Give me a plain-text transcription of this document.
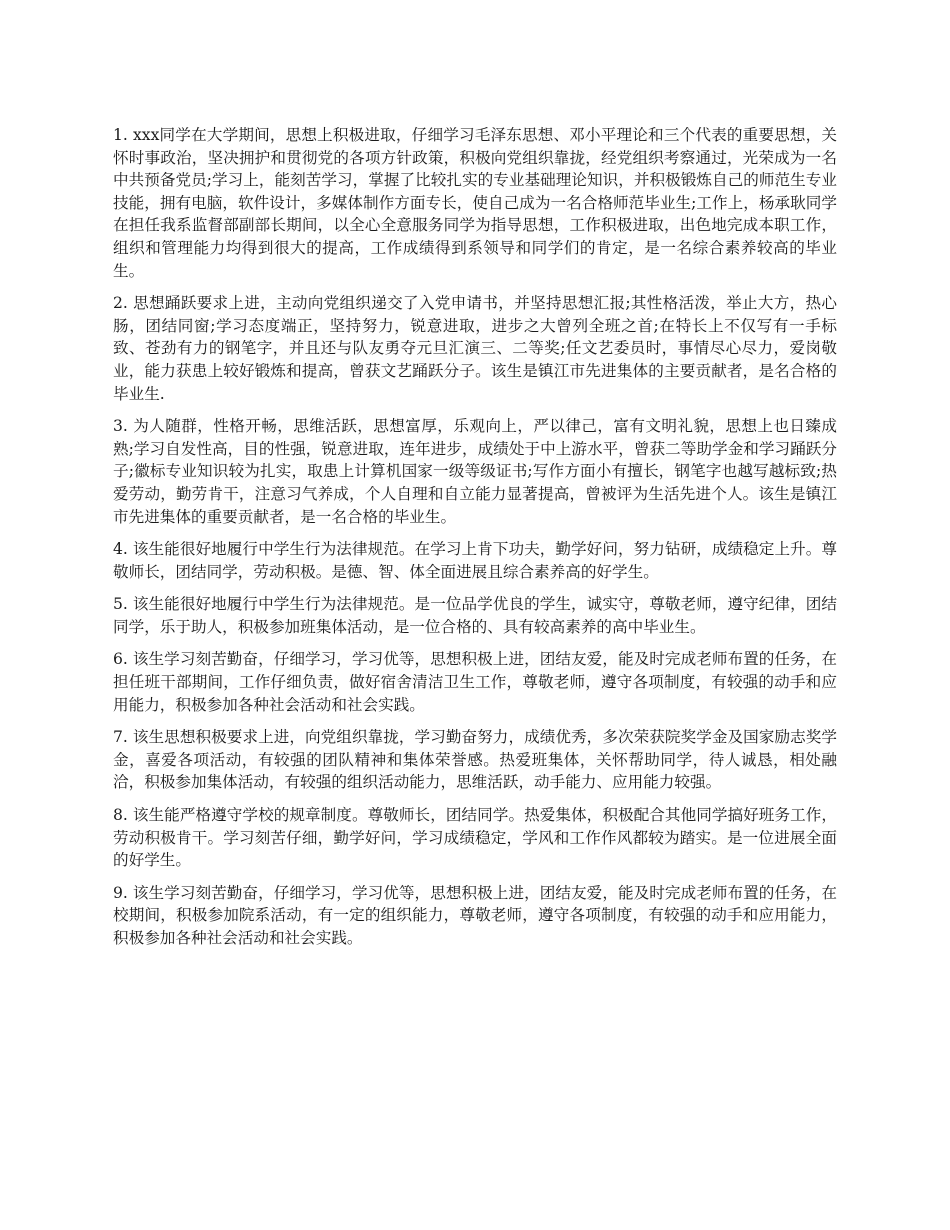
1. xxx同学在大学期间，思想上积极进取，仔细学习毛泽东思想、邓小平理论和三个代表的重要思想，关怀时事政治，坚决拥护和贯彻党的各项方针政策，积极向党组织靠拢，经党组织考察通过，光荣成为一名中共预备党员;学习上，能刻苦学习，掌握了比较扎实的专业基础理论知识，并积极锻炼自己的师范生专业技能，拥有电脑，软件设计，多媒体制作方面专长，使自己成为一名合格师范毕业生;工作上，杨承耿同学在担任我系监督部副部长期间，以全心全意服务同学为指导思想，工作积极进取，出色地完成本职工作，组织和管理能力均得到很大的提高，工作成绩得到系领导和同学们的肯定，是一名综合素养较高的毕业生。

2. 思想踊跃要求上进，主动向党组织递交了入党申请书，并坚持思想汇报;其性格活泼，举止大方，热心肠，团结同窗;学习态度端正，坚持努力，锐意进取，进步之大曾列全班之首;在特长上不仅写有一手标致、苍劲有力的钢笔字，并且还与队友勇夺元旦汇演三、二等奖;任文艺委员时，事情尽心尽力，爱岗敬业，能力获患上较好锻炼和提高，曾获文艺踊跃分子。该生是镇江市先进集体的主要贡献者，是名合格的毕业生.

3. 为人随群，性格开畅，思维活跃，思想富厚，乐观向上，严以律己，富有文明礼貌，思想上也日臻成熟;学习自发性高，目的性强，锐意进取，连年进步，成绩处于中上游水平，曾获二等助学金和学习踊跃分子;徽标专业知识较为扎实，取患上计算机国家一级等级证书;写作方面小有擅长，钢笔字也越写越标致;热爱劳动，勤劳肯干，注意习气养成，个人自理和自立能力显著提高，曾被评为生活先进个人。该生是镇江市先进集体的重要贡献者，是一名合格的毕业生。

4. 该生能很好地履行中学生行为法律规范。在学习上肯下功夫，勤学好问，努力钻研，成绩稳定上升。尊敬师长，团结同学，劳动积极。是德、智、体全面进展且综合素养高的好学生。

5. 该生能很好地履行中学生行为法律规范。是一位品学优良的学生，诚实守，尊敬老师，遵守纪律，团结同学，乐于助人，积极参加班集体活动，是一位合格的、具有较高素养的高中毕业生。

6. 该生学习刻苦勤奋，仔细学习，学习优等，思想积极上进，团结友爱，能及时完成老师布置的任务，在担任班干部期间，工作仔细负责，做好宿舍清洁卫生工作，尊敬老师，遵守各项制度，有较强的动手和应用能力，积极参加各种社会活动和社会实践。

7. 该生思想积极要求上进，向党组织靠拢，学习勤奋努力，成绩优秀，多次荣获院奖学金及国家励志奖学金，喜爱各项活动，有较强的团队精神和集体荣誉感。热爱班集体，关怀帮助同学，待人诚恳，相处融洽，积极参加集体活动，有较强的组织活动能力，思维活跃，动手能力、应用能力较强。

8. 该生能严格遵守学校的规章制度。尊敬师长，团结同学。热爱集体，积极配合其他同学搞好班务工作，劳动积极肯干。学习刻苦仔细，勤学好问，学习成绩稳定，学风和工作作风都较为踏实。是一位进展全面的好学生。

9. 该生学习刻苦勤奋，仔细学习，学习优等，思想积极上进，团结友爱，能及时完成老师布置的任务，在校期间，积极参加院系活动，有一定的组织能力，尊敬老师，遵守各项制度，有较强的动手和应用能力，积极参加各种社会活动和社会实践。
